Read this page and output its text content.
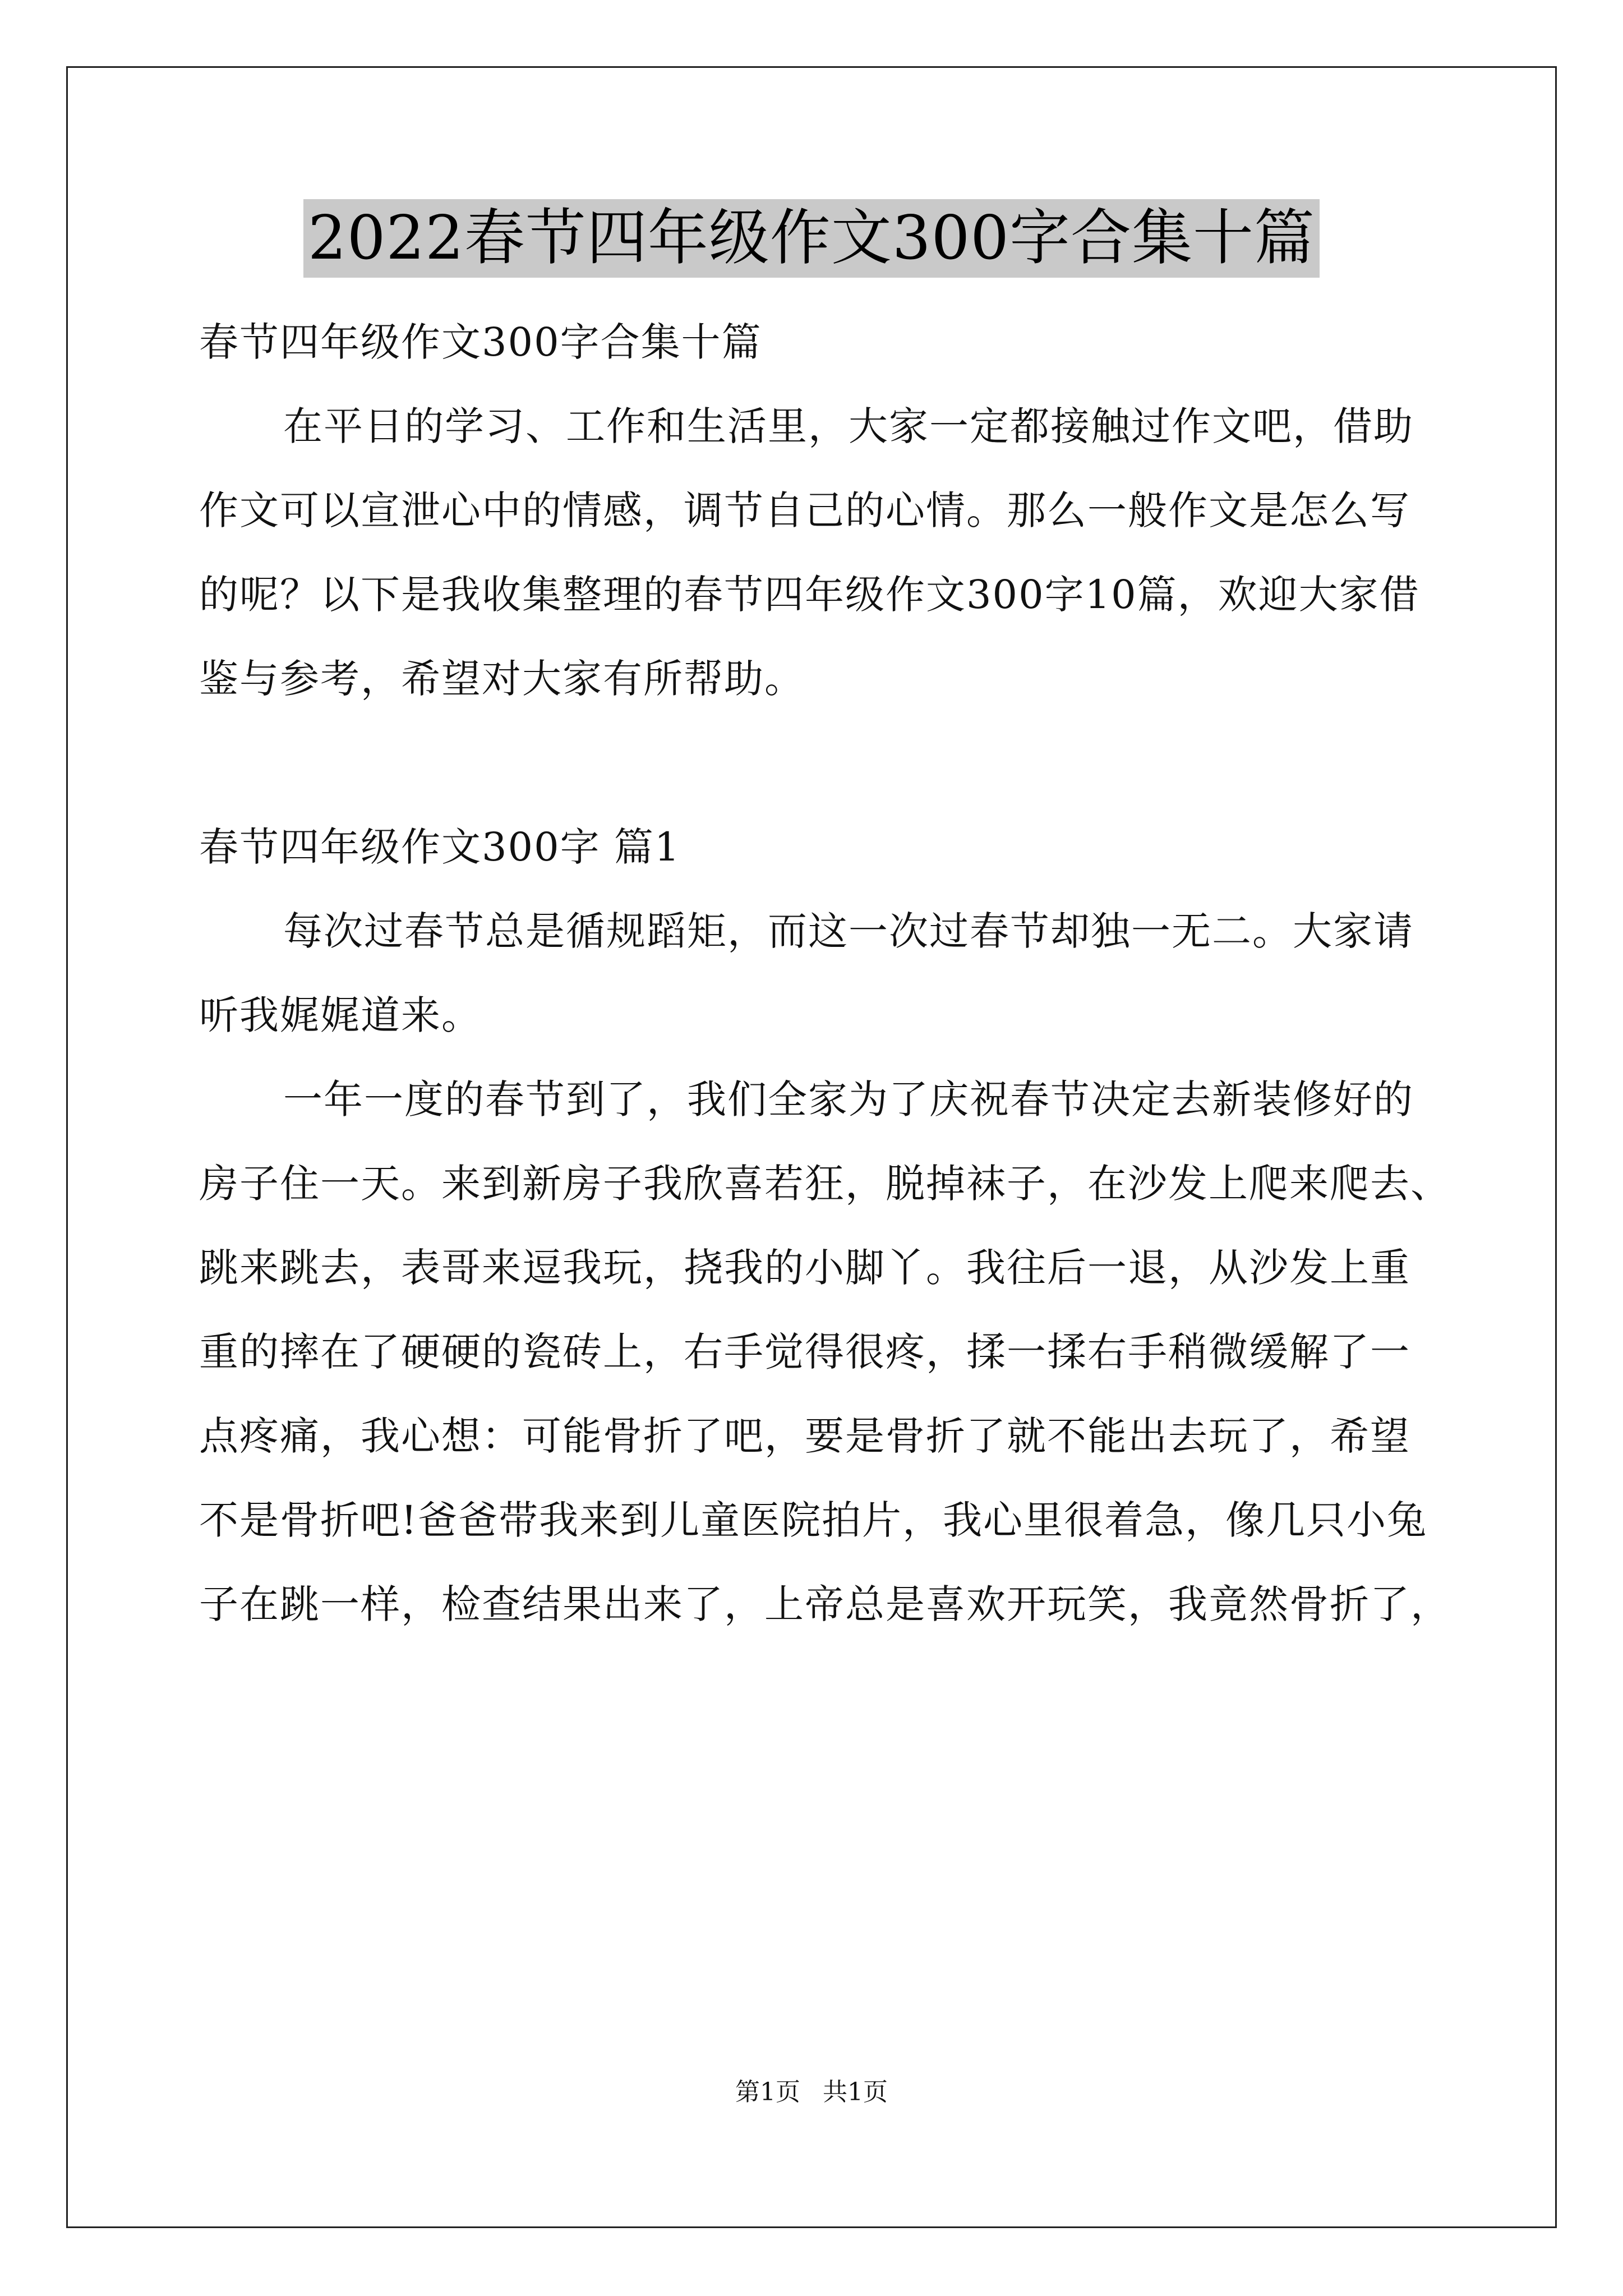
2022春节四年级作文300字合集十篇
春节四年级作文300字合集十篇
在平日的学习、工作和生活里，大家一定都接触过作文吧，借助
作文可以宣泄心中的情感，调节自己的心情。那么一般作文是怎么写
的呢？以下是我收集整理的春节四年级作文300字10篇，欢迎大家借
鉴与参考，希望对大家有所帮助。
春节四年级作文300字 篇1
每次过春节总是循规蹈矩，而这一次过春节却独一无二。大家请
听我娓娓道来。
一年一度的春节到了，我们全家为了庆祝春节决定去新装修好的
房子住一天。来到新房子我欣喜若狂，脱掉袜子，在沙发上爬来爬去、
跳来跳去，表哥来逗我玩，挠我的小脚丫。我往后一退，从沙发上重
重的摔在了硬硬的瓷砖上，右手觉得很疼，揉一揉右手稍微缓解了一
点疼痛，我心想：可能骨折了吧，要是骨折了就不能出去玩了，希望
不是骨折吧!爸爸带我来到儿童医院拍片，我心里很着急，像几只小兔
子在跳一样，检查结果出来了，上帝总是喜欢开玩笑，我竟然骨折了，
第1页 共1页
